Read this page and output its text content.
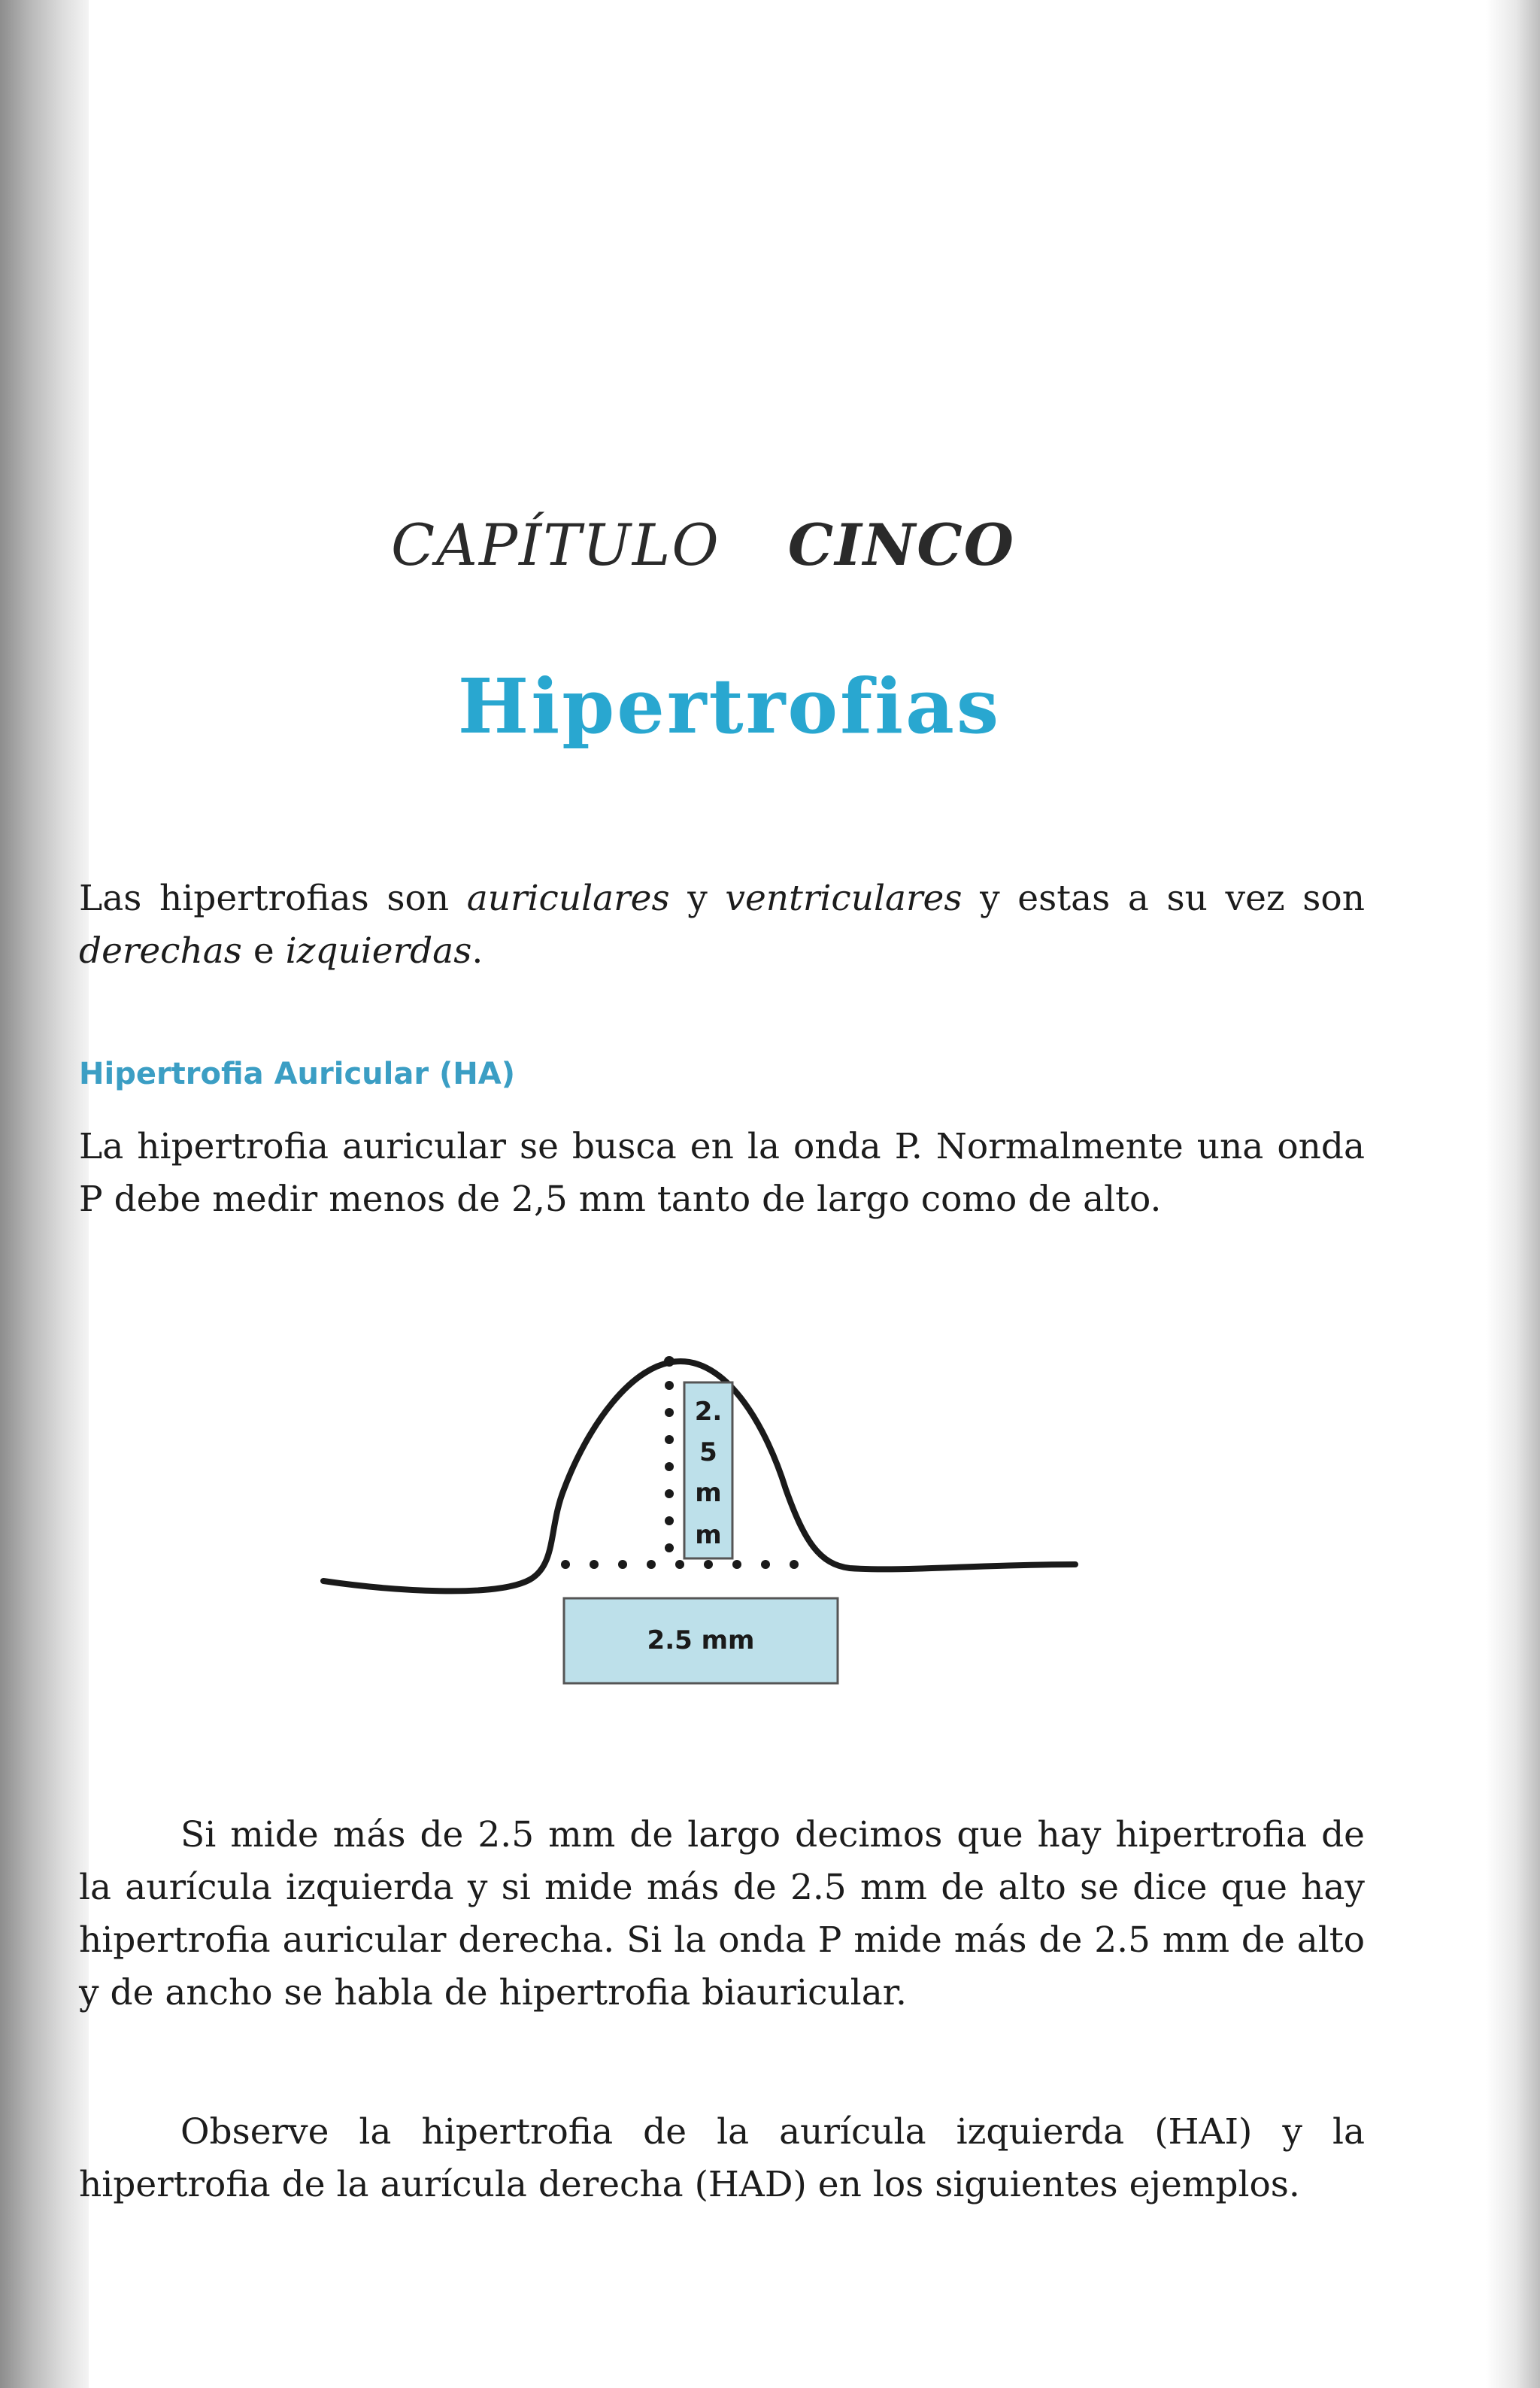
CAPÍTULO CINCO
Hipertrofias

Las hipertrofias son auriculares y ventriculares y estas a su vez son derechas e izquierdas.

Hipertrofia Auricular (HA)

La hipertrofia auricular se busca en la onda P. Normalmente una onda P debe medir menos de 2,5 mm tanto de largo como de alto.

2.
5
m
m
2.5 mm

Si mide más de 2.5 mm de largo decimos que hay hipertrofia de la aurícula izquierda y si mide más de 2.5 mm de alto se dice que hay hipertrofia auricular derecha. Si la onda P mide más de 2.5 mm de alto y de ancho se habla de hipertrofia biauricular.

Observe la hipertrofia de la aurícula izquierda (HAI) y la hipertrofia de la aurícula derecha (HAD) en los siguientes ejemplos.
